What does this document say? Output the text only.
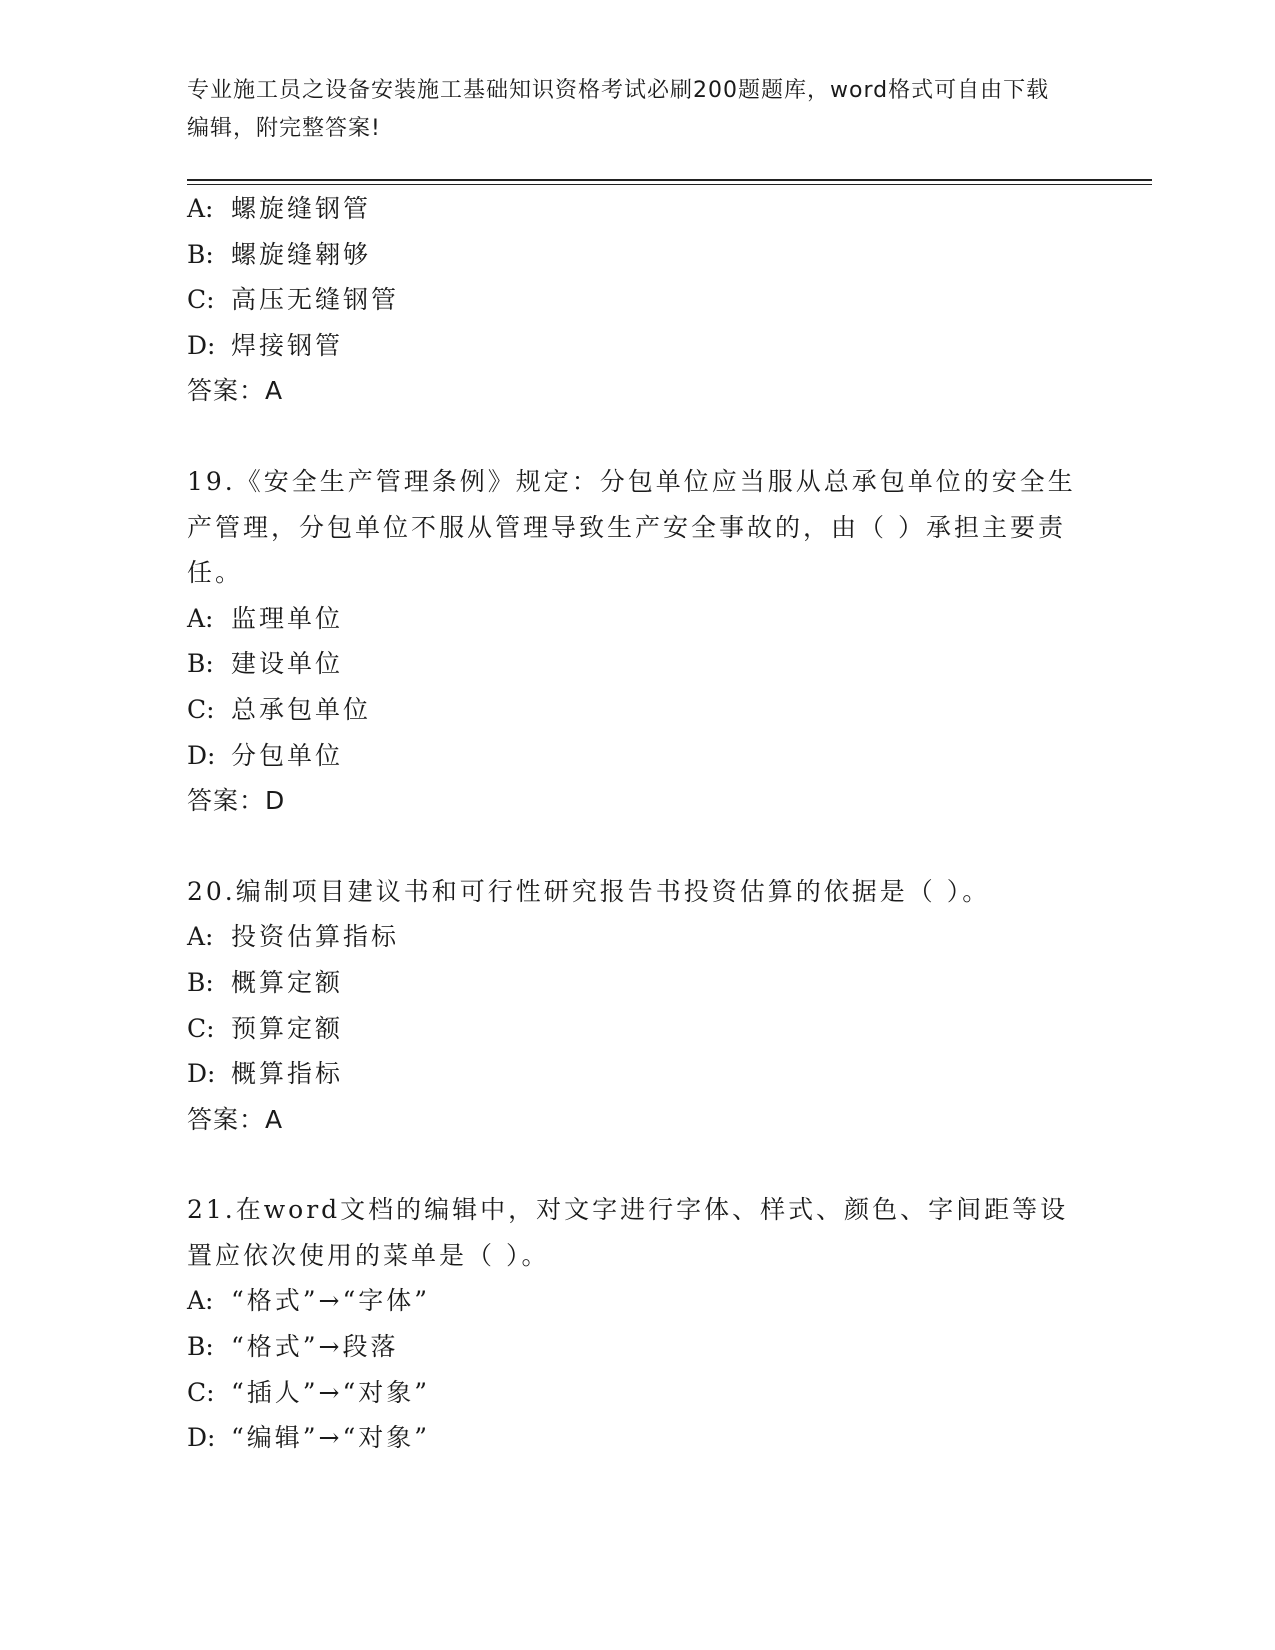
专业施工员之设备安装施工基础知识资格考试必刷200题题库，word格式可自由下载编辑，附完整答案!
A: 螺旋缝钢管
B: 螺旋缝翱够
C: 高压无缝钢管
D: 焊接钢管
答案：A
19.《安全生产管理条例》规定：分包单位应当服从总承包单位的安全生产管理，分包单位不服从管理导致生产安全事故的，由（ ）承担主要责任。
A: 监理单位
B: 建设单位
C: 总承包单位
D: 分包单位
答案：D
20.编制项目建议书和可行性研究报告书投资估算的依据是（ ）。
A: 投资估算指标
B: 概算定额
C: 预算定额
D: 概算指标
答案：A
21.在word文档的编辑中，对文字进行字体、样式、颜色、字间距等设置应依次使用的菜单是（ ）。
A: “格式”→“字体”
B: “格式”→段落
C: “插人”→“对象”
D: “编辑”→“对象”
